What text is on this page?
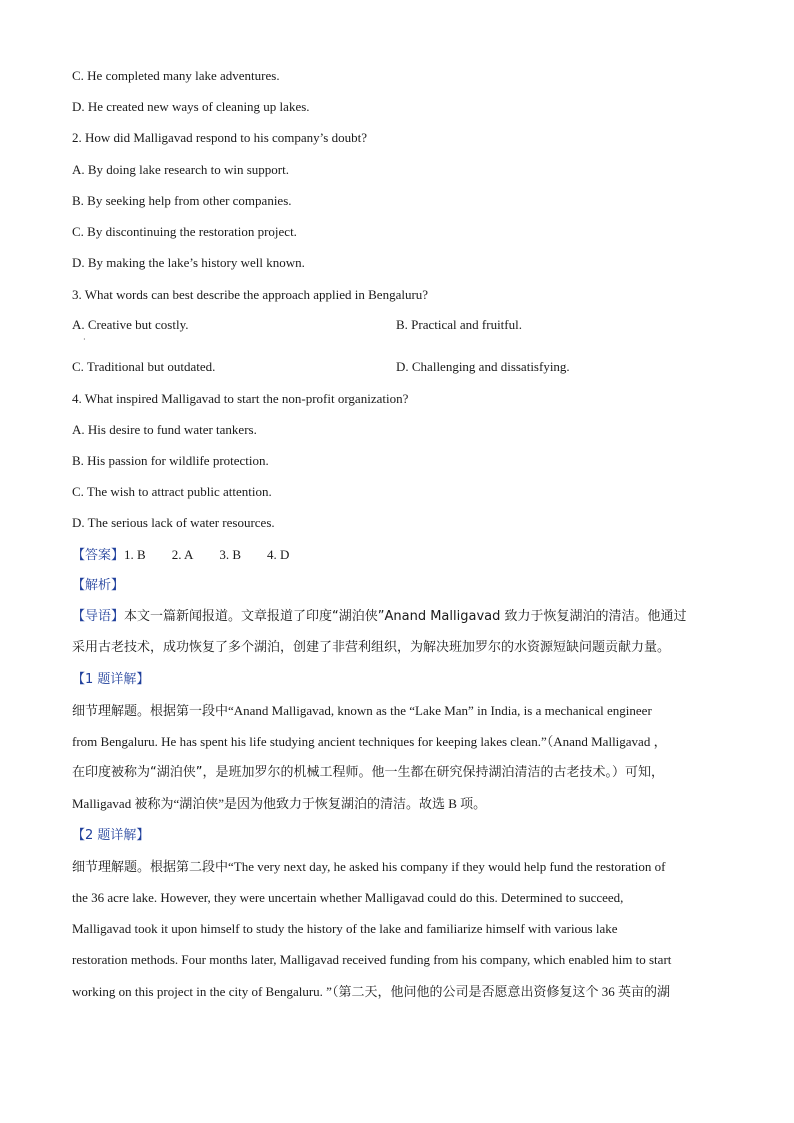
C. He completed many lake adventures.
D. He created new ways of cleaning up lakes.
2. How did Malligavad respond to his company’s doubt?
A. By doing lake research to win support.
B. By seeking help from other companies.
C. By discontinuing the restoration project.
D. By making the lake’s history well known.
3. What words can best describe the approach applied in Bengaluru?
A. Creative but costly.
·
B. Practical and fruitful.
C. Traditional but outdated.	D. Challenging and dissatisfying.
4. What inspired Malligavad to start the non-profit organization?
A. His desire to fund water tankers.
B. His passion for wildlife protection.
C. The wish to attract public attention.
D. The serious lack of water resources.
【答案】1. B 2. A 3. B 4. D
【解析】
【导语】本文一篇新闻报道。文章报道了印度“湖泊侠”Anand Malligavad 致力于恢复湖泊的清洁。他通过
采用古老技术，成功恢复了多个湖泊，创建了非营利组织，为解决班加罗尔的水资源短缺问题贡献力量。
【1 题详解】
细节理解题。根据第一段中“Anand Malligavad, known as the “Lake Man” in India, is a mechanical engineer
from Bengaluru. He has spent his life studying ancient techniques for keeping lakes clean.”（Anand Malligavad ，
在印度被称为“湖泊侠”，是班加罗尔的机械工程师。他一生都在研究保持湖泊清洁的古老技术。）可知，
Malligavad 被称为“湖泊侠”是因为他致力于恢复湖泊的清洁。故选 B 项。
【2 题详解】
细节理解题。根据第二段中“The very next day, he asked his company if they would help fund the restoration of
the 36 acre lake. However, they were uncertain whether Malligavad could do this. Determined to succeed,
Malligavad took it upon himself to study the history of the lake and familiarize himself with various lake
restoration methods. Four months later, Malligavad received funding from his company, which enabled him to start
working on this project in the city of Bengaluru. ”（第二天，他问他的公司是否愿意出资修复这个 36 英亩的湖
